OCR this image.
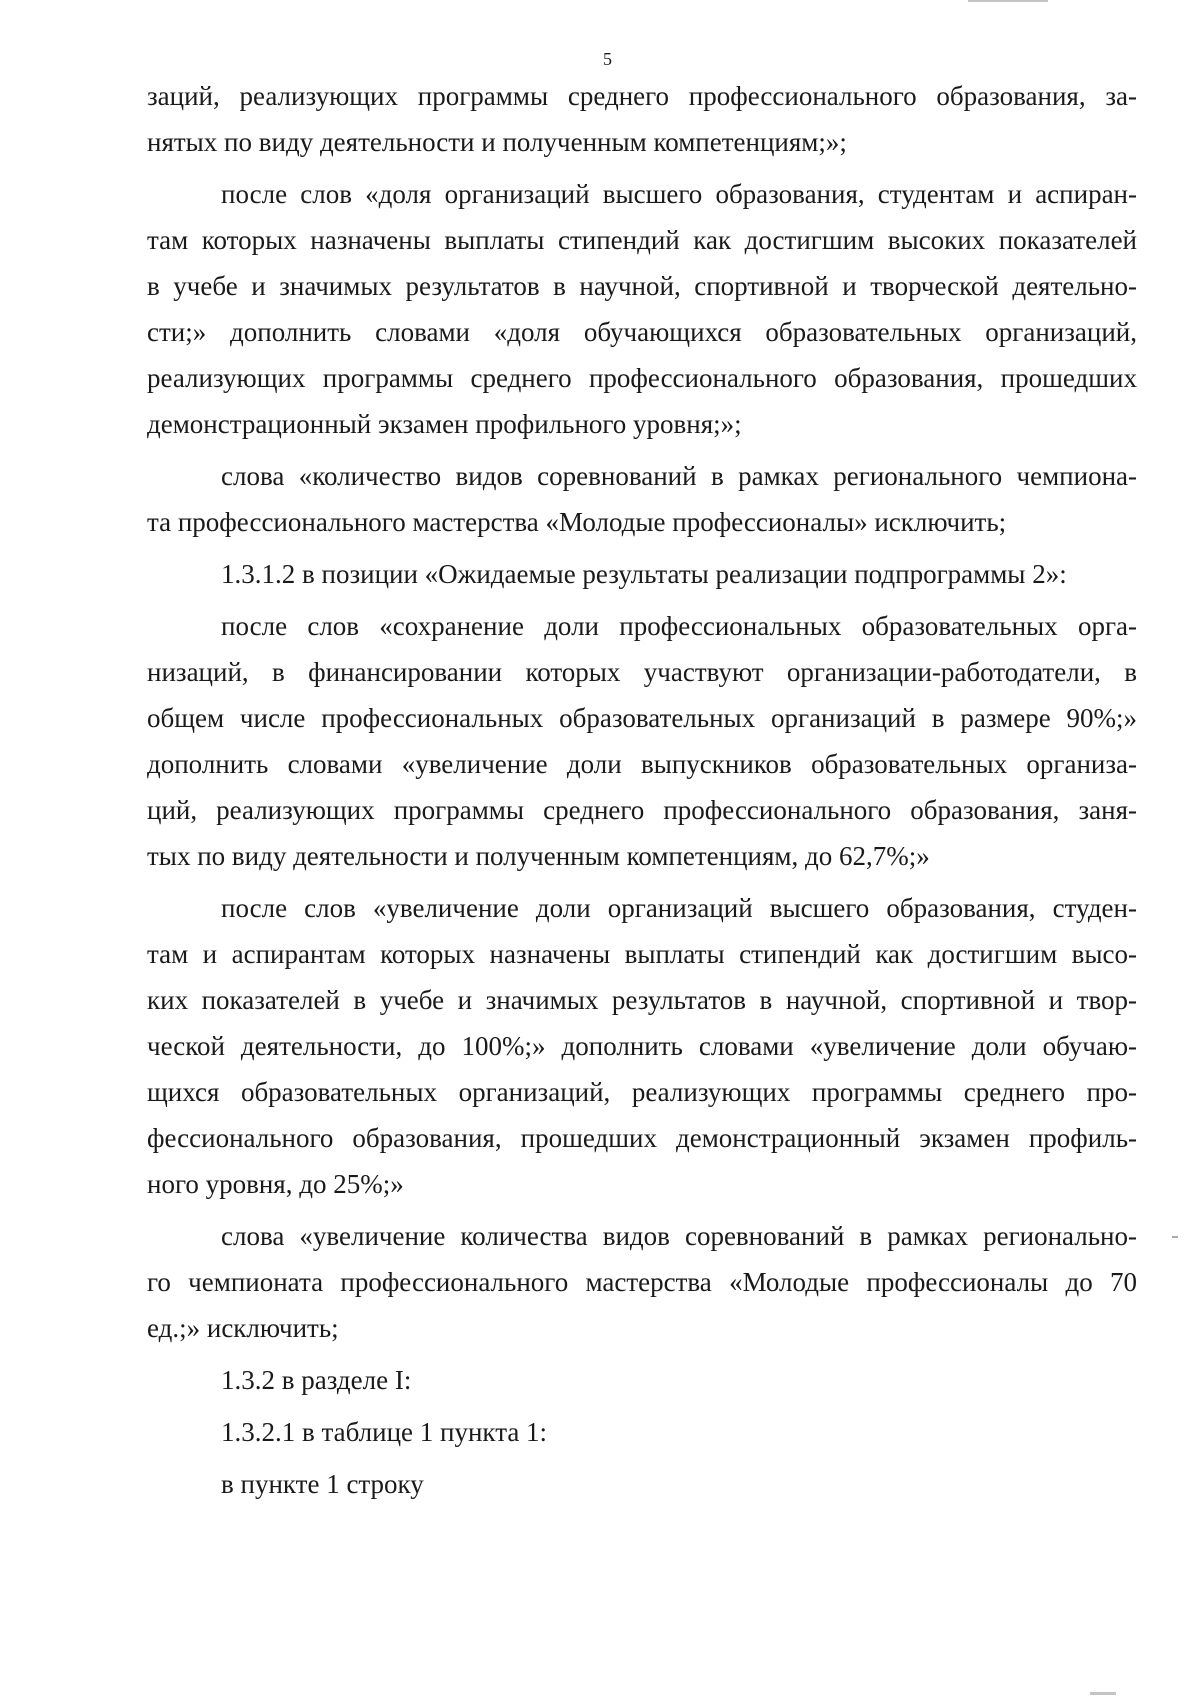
5
заций, реализующих программы среднего профессионального образования, за-
нятых по виду деятельности и полученным компетенциям;»;
после слов «доля организаций высшего образования, студентам и аспиран-
там которых назначены выплаты стипендий как достигшим высоких показателей
в учебе и значимых результатов в научной, спортивной и творческой деятельно-
сти;» дополнить словами «доля обучающихся образовательных организаций,
реализующих программы среднего профессионального образования, прошедших
демонстрационный экзамен профильного уровня;»;
слова «количество видов соревнований в рамках регионального чемпиона-
та профессионального мастерства «Молодые профессионалы» исключить;
1.3.1.2 в позиции «Ожидаемые результаты реализации подпрограммы 2»:
после слов «сохранение доли профессиональных образовательных орга-
низаций, в финансировании которых участвуют организации-работодатели, в
общем числе профессиональных образовательных организаций в размере 90%;»
дополнить словами «увеличение доли выпускников образовательных организа-
ций, реализующих программы среднего профессионального образования, заня-
тых по виду деятельности и полученным компетенциям, до 62,7%;»
после слов «увеличение доли организаций высшего образования, студен-
там и аспирантам которых назначены выплаты стипендий как достигшим высо-
ких показателей в учебе и значимых результатов в научной, спортивной и твор-
ческой деятельности, до 100%;» дополнить словами «увеличение доли обучаю-
щихся образовательных организаций, реализующих программы среднего про-
фессионального образования, прошедших демонстрационный экзамен профиль-
ного уровня, до 25%;»
слова «увеличение количества видов соревнований в рамках регионально-
го чемпионата профессионального мастерства «Молодые профессионалы до 70
ед.;» исключить;
1.3.2 в разделе I:
1.3.2.1 в таблице 1 пункта 1:
в пункте 1 строку
